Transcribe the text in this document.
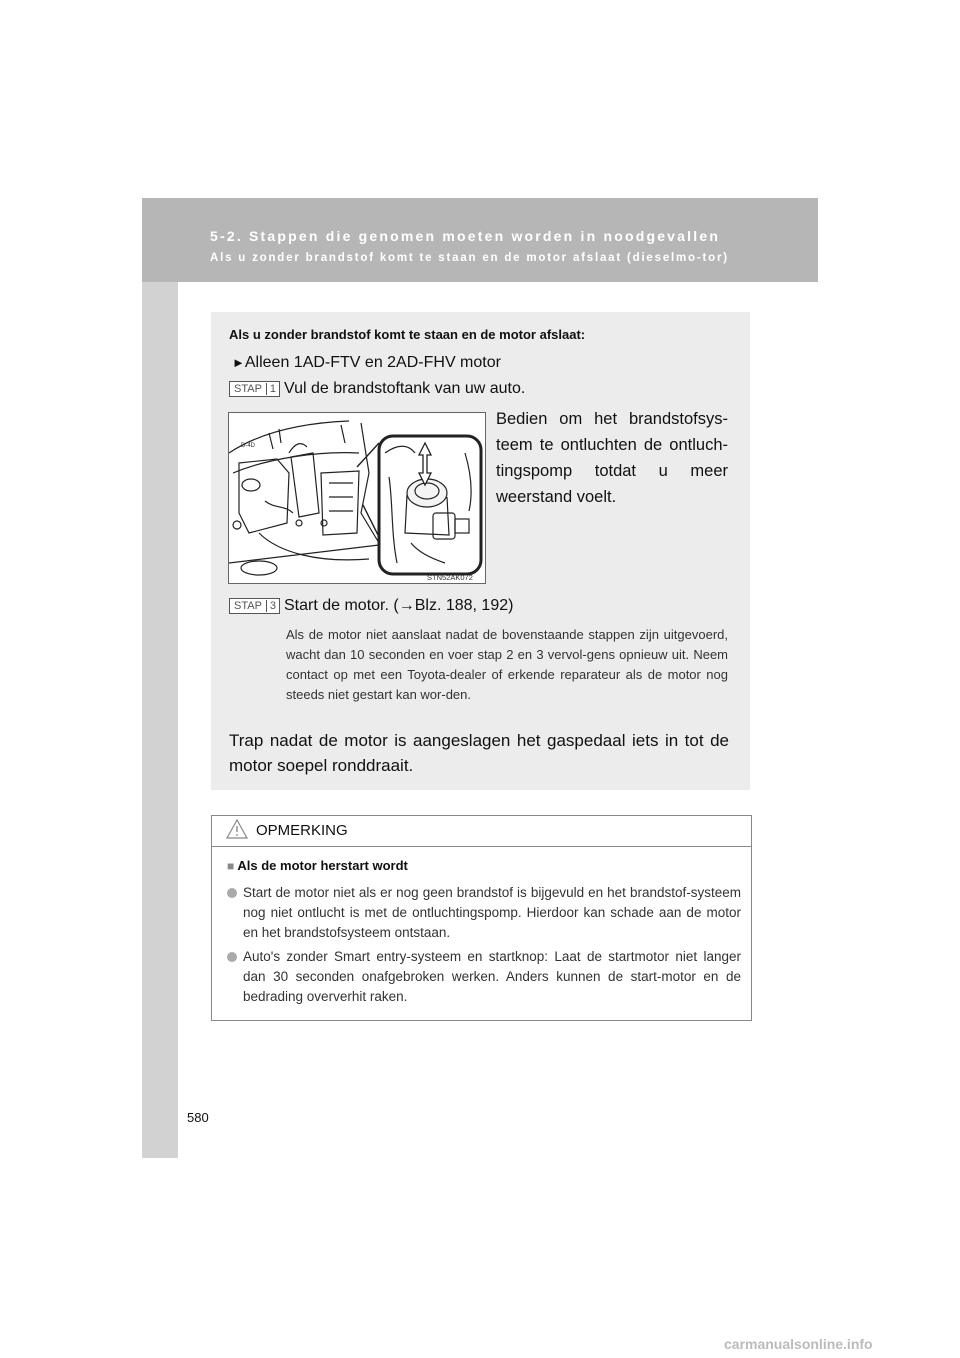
5-2. Stappen die genomen moeten worden in noodgevallen
Als u zonder brandstof komt te staan en de motor afslaat (dieselmo-tor)
Als u zonder brandstof komt te staan en de motor afslaat:
►Alleen 1AD-FTV en 2AD-FHV motor
STAP 1 Vul de brandstoftank van uw auto.
Bedien om het brandstofsys-teem te ontluchten de ontluch-tingspomp totdat u meer weerstand voelt.
D-4D
STN52AK072
STAP 3 Start de motor. (→Blz. 188, 192)
Als de motor niet aanslaat nadat de bovenstaande stappen zijn uitgevoerd, wacht dan 10 seconden en voer stap 2 en 3 vervol-gens opnieuw uit. Neem contact op met een Toyota-dealer of erkende reparateur als de motor nog steeds niet gestart kan wor-den.
Trap nadat de motor is aangeslagen het gaspedaal iets in tot de motor soepel ronddraait.
OPMERKING
■ Als de motor herstart wordt
Start de motor niet als er nog geen brandstof is bijgevuld en het brandstof-systeem nog niet ontlucht is met de ontluchtingspomp. Hierdoor kan schade aan de motor en het brandstofsysteem ontstaan.
Auto's zonder Smart entry-systeem en startknop: Laat de startmotor niet langer dan 30 seconden onafgebroken werken. Anders kunnen de start-motor en de bedrading oververhit raken.
580
carmanualsonline.info
